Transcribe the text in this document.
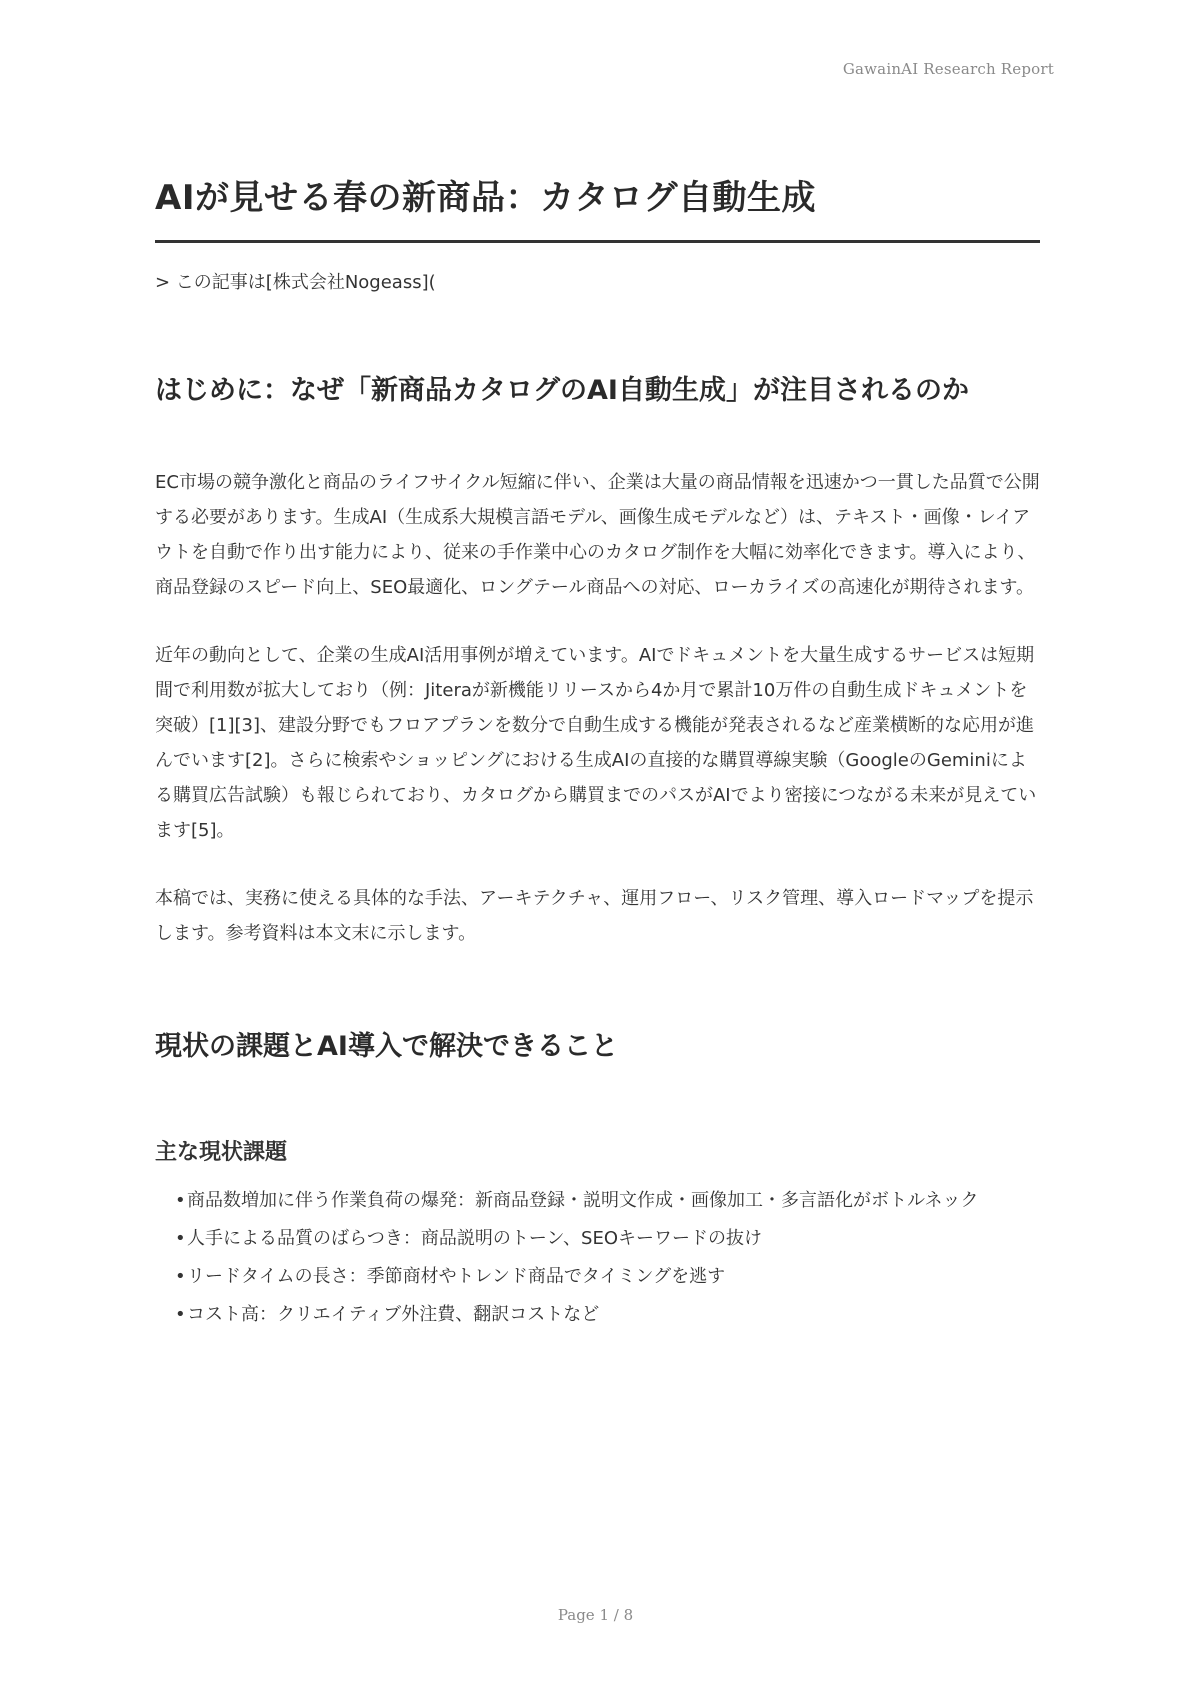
GawainAI Research Report
AIが見せる春の新商品：カタログ自動生成
> この記事は[株式会社Nogeass](
はじめに：なぜ「新商品カタログのAI自動生成」が注目されるのか

EC市場の競争激化と商品のライフサイクル短縮に伴い、企業は大量の商品情報を迅速かつ一貫した品質で公開する必要があります。生成AI（生成系大規模言語モデル、画像生成モデルなど）は、テキスト・画像・レイアウトを自動で作り出す能力により、従来の手作業中心のカタログ制作を大幅に効率化できます。導入により、商品登録のスピード向上、SEO最適化、ロングテール商品への対応、ローカライズの高速化が期待されます。

近年の動向として、企業の生成AI活用事例が増えています。AIでドキュメントを大量生成するサービスは短期間で利用数が拡大しており（例：Jiteraが新機能リリースから4か月で累計10万件の自動生成ドキュメントを突破）[1][3]、建設分野でもフロアプランを数分で自動生成する機能が発表されるなど産業横断的な応用が進んでいます[2]。さらに検索やショッピングにおける生成AIの直接的な購買導線実験（GoogleのGeminiによる購買広告試験）も報じられており、カタログから購買までのパスがAIでより密接につながる未来が見えています[5]。

本稿では、実務に使える具体的な手法、アーキテクチャ、運用フロー、リスク管理、導入ロードマップを提示します。参考資料は本文末に示します。

現状の課題とAI導入で解決できること
主な現状課題
• 商品数増加に伴う作業負荷の爆発：新商品登録・説明文作成・画像加工・多言語化がボトルネック
• 人手による品質のばらつき：商品説明のトーン、SEOキーワードの抜け
• リードタイムの長さ：季節商材やトレンド商品でタイミングを逃す
• コスト高：クリエイティブ外注費、翻訳コストなど
Page 1 / 8
